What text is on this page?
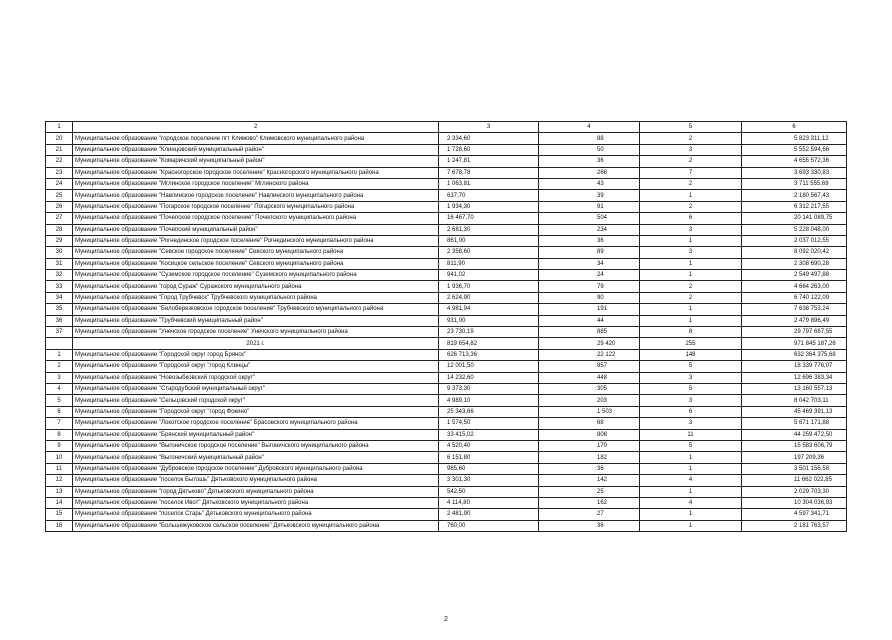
1	2	3	4	5	6
20	Муниципальное образование "городское поселение пгт Климово" Климовского муниципального района	2 334,60	88	2	5 823 311,12
21	Муниципальное образование "Клинцовский муниципальный район"	1 728,60	50	3	5 552 594,66
22	Муниципальное образование "Комаричский муниципальный район"	1 247,81	36	2	4 655 572,36
23	Муниципальное образование "Красногорское городское поселение" Красногорского муниципального района	7 678,78	266	7	3 693 330,83
24	Муниципальное образование "Мглинское городское поселение" Мглинского района	1 063,81	43	2	3 711 555,69
25	Муниципальное образование "Навлинское городское поселение" Навлинского муниципального района	637,70	39	1	2 180 567,43
26	Муниципальное образование "Погарское городское поселение" Погарского муниципального района	1 934,30	91	2	6 312 217,55
27	Муниципальное образование "Почепское городское поселение" Почепского муниципального района	16 467,70	504	6	20 141 089,75
28	Муниципальное образование "Почепский муниципальный район"	2 681,30	234	3	5 228 048,00
29	Муниципальное образование "Рогнединское городское поселение" Рогнединского муниципального района	861,00	36	1	2 037 012,55
30	Муниципальное образование "Севское городское поселение" Севского муниципального района	2 358,60	89	3	8 092 020,42
31	Муниципальное образование "Косицкое сельское поселение" Севского муниципального района	811,90	34	1	2 308 690,28
32	Муниципальное образование "Суземское городское поселение" Суземского муниципального района	941,02	24	1	2 549 497,88
33	Муниципальное образование "город Сураж" Суражского муниципального района	1 936,70	79	2	4 664 263,00
34	Муниципальное образование "Город Трубчевск" Трубчевского муниципального района	2 624,90	90	2	6 740 122,09
35	Муниципальное образование "Белоберезковское городское поселение" Трубчевского муниципального района	4 981,94	191	1	7 638 753,24
36	Муниципальное образование "Трубчевский муниципальный район"	931,00	44	1	2 479 896,49
37	Муниципальное образование "Унечское городское поселение" Унечского муниципального района	23 730,19	885	8	29 797 687,55
	2021 г.	819 654,82	29 420	255	971 845 187,26
1	Муниципальное образование "Городской округ город Брянск"	626 713,36	22 122	148	632 364 375,68
2	Муниципальное образование "Городской округ "город Клинцы"	12 001,50	857	5	18 339 776,07
3	Муниципальное образование "Новозыбковский городской округ"	14 232,60	448	3	12 696 383,34
4	Муниципальное образование "Стародубский муниципальный округ"	9 373,30	305	5	13 160 557,13
5	Муниципальное образование "Сельцовский городской округ"	4 989,10	203	3	8 042 703,11
6	Муниципальное образование "Городской округ "город Фокино"	25 343,66	1 503	6	45 469 391,13
7	Муниципальное образование "Локотское городское поселение" Брасовского муниципального района	1 574,50	68	3	5 671 171,88
8	Муниципальное образование "Брянский муниципальный район"	33 415,02	808	11	44 259 472,50
9	Муниципальное образование "Выгоничское городское поселение" Выгоничского муниципального района	4 520,40	170	5	15 583 606,79
10	Муниципальное образование "Выгоничский муниципальный район"	6 151,80	182	1	197 209,36
11	Муниципальное образование "Дубровское городское поселение" Дубровского муниципального района	985,60	36	1	3 501 156,58
12	Муниципальное образование "поселок Бытошь" Дятьковского муниципального района	3 301,30	142	4	11 662 022,85
13	Муниципальное образование "город Дятьково" Дятьковского муниципального района	542,50	25	1	2 029 703,30
14	Муниципальное образование "поселок Ивот" Дятьковского муниципального района	4 114,80	162	4	10 304 036,93
15	Муниципальное образование "поселок Старь" Дятьковского муниципального района	2 481,90	27	1	4 597 341,71
16	Муниципальное образование "Большежуковское сельское поселение" Дятьковского муниципального района	760,00	36	1	2 181 763,57
2
